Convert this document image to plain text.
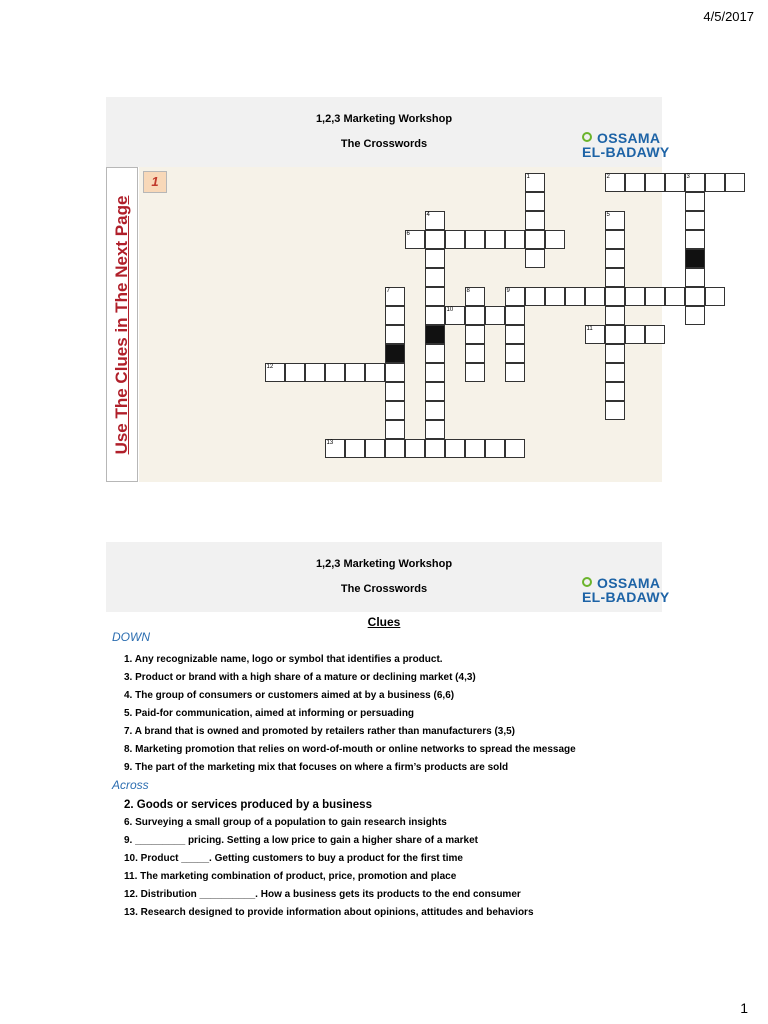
4/5/2017
1,2,3 Marketing Workshop
The Crosswords	OSSAMA
EL-BADAWY
Use The Clues in The Next Page
1	2	3
6
9
10
11
12
13
1
4	5
7	8
1,2,3 Marketing Workshop
The Crosswords	OSSAMA
EL-BADAWY
Clues
DOWN
1. Any recognizable name, logo or symbol that identifies a product.
3. Product or brand with a high share of a mature or declining market (4,3)
4. The group of consumers or customers aimed at by a business (6,6)
5. Paid-for communication, aimed at informing or persuading
7. A brand that is owned and promoted by retailers rather than manufacturers (3,5)
8. Marketing promotion that relies on word-of-mouth or online networks to spread the message
9. The part of the marketing mix that focuses on where a firm’s products are sold
Across
2. Goods or services produced by a business
6. Surveying a small group of a population to gain research insights
9. _________ pricing. Setting a low price to gain a higher share of a market
10. Product _____. Getting customers to buy a product for the first time
11. The marketing combination of product, price, promotion and place
12. Distribution __________. How a business gets its products to the end consumer
13. Research designed to provide information about opinions, attitudes and behaviors
1
